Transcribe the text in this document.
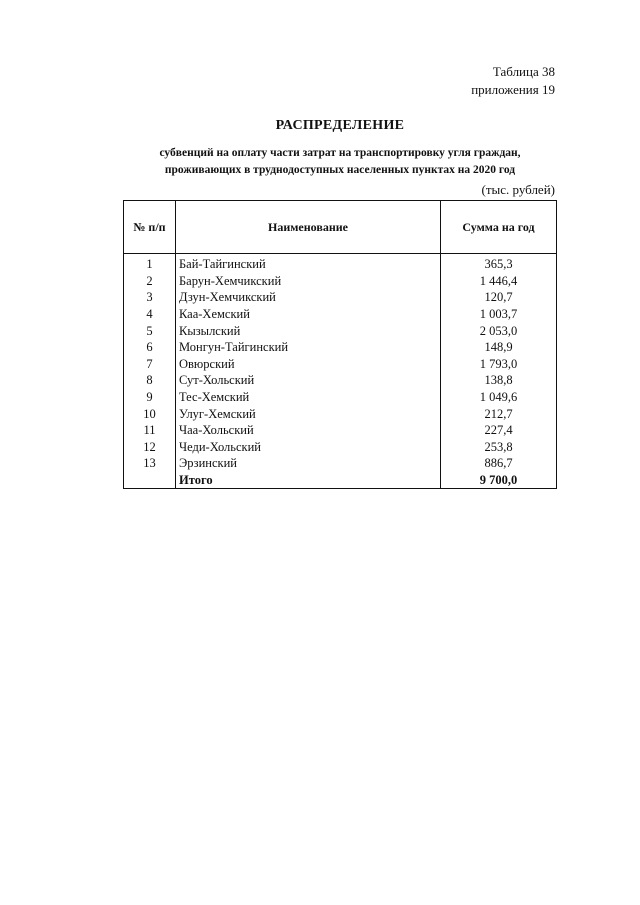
Таблица 38
приложения 19
РАСПРЕДЕЛЕНИЕ
субвенций на оплату части затрат на транспортировку угля граждан,
проживающих в труднодоступных населенных пунктах на 2020 год
(тыс. рублей)
№ п/п	Наименование	Сумма на год
1	Бай-Тайгинский	365,3
2	Барун-Хемчикский	1 446,4
3	Дзун-Хемчикский	120,7
4	Каа-Хемский	1 003,7
5	Кызылский	2 053,0
6	Монгун-Тайгинский	148,9
7	Овюрский	1 793,0
8	Сут-Хольский	138,8
9	Тес-Хемский	1 049,6
10	Улуг-Хемский	212,7
11	Чаа-Хольский	227,4
12	Чеди-Хольский	253,8
13	Эрзинский	886,7
	Итого	9 700,0
